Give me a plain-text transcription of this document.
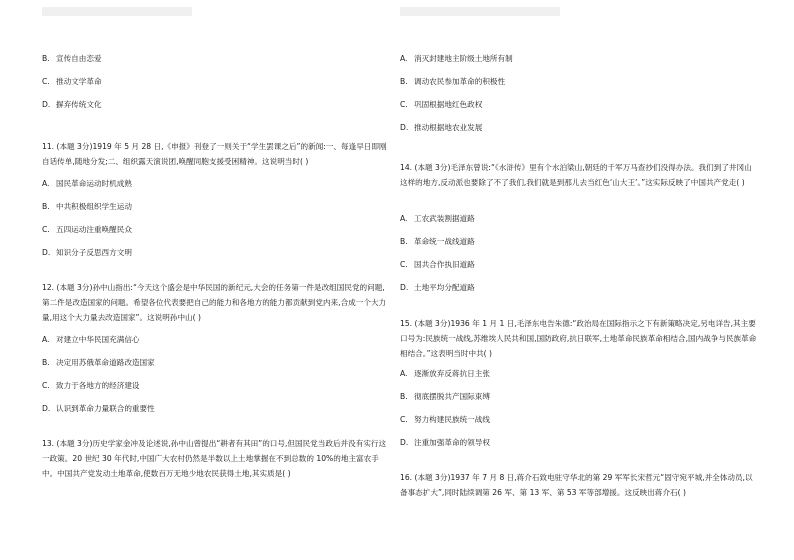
B. 宣传自由恋爱
C. 推动文学革命
D. 摒弃传统文化
11. (本题 3分)1919 年 5 月 28 日,《申报》刊登了一则关于“学生罢课之后”的新闻:一、每逢早日即刚自话传单,随地分发;二、组织露天演说团,唤醒同胞支援受困精神。这说明当时( )
A. 国民革命运动时机成熟
B. 中共积极组织学生运动
C. 五四运动注重唤醒民众
D. 知识分子反思西方文明
12. (本题 3分)孙中山指出:“今天这个盛会是中华民国的新纪元,大会的任务第一件是改组国民党的问题,第二件是改造国家的问题。希望各位代表要把自己的能力和各地方的能力都贡献到党内来,合成一个大力量,用这个大力量去改造国家”。这说明孙中山( )
A. 对建立中华民国充满信心
B. 决定用苏俄革命道路改造国家
C. 致力于各地方的经济建设
D. 认识到革命力量联合的重要性
13. (本题 3分)历史学家金冲及论述说,孙中山曾提出“耕者有其田”的口号,但国民党当政后并没有实行这一政策。20 世纪 30 年代时,中国广大农村仍然是半数以上土地掌握在不到总数的 10%的地主富农手中。中国共产党发动土地革命,使数百万无地少地农民获得土地,其实质是( )
A. 消灭封建地主阶级土地所有制
B. 调动农民参加革命的积极性
C. 巩固根据地红色政权
D. 推动根据地农业发展
14. (本题 3分)毛泽东曾说:“《水浒传》里有个水泊梁山,朝廷的千军万马查抄们没得办法。我们到了井冈山这样的地方,反动派也要除了不了我们,我们就是到那儿去当红色‘山大王’。”这实际反映了中国共产党走( )
A. 工农武装割据道路
B. 革命统一战线道路
C. 国共合作执旧道路
D. 土地平均分配道路
15. (本题 3分)1936 年 1 月 1 日,毛泽东电告朱德:“政治局在国际指示之下有新策略决定,另电详告,其主要口号为:民族统一战线,苏维埃人民共和国,国防政府,抗日联军,土地革命民族革命相结合,国内战争与民族革命相结合。”这表明当时中共( )
A. 逐渐放弃反蒋抗日主张
B. 彻底摆脱共产国际束缚
C. 努力构建民族统一战线
D. 注重加强革命的领导权
16. (本题 3分)1937 年 7 月 8 日,蒋介石致电驻守华北的第 29 军军长宋哲元“固守宛平城,并全体动员,以备事态扩大”,同时陆续调第 26 军、第 13 军、第 53 军等部增援。这反映出蒋介石( )
